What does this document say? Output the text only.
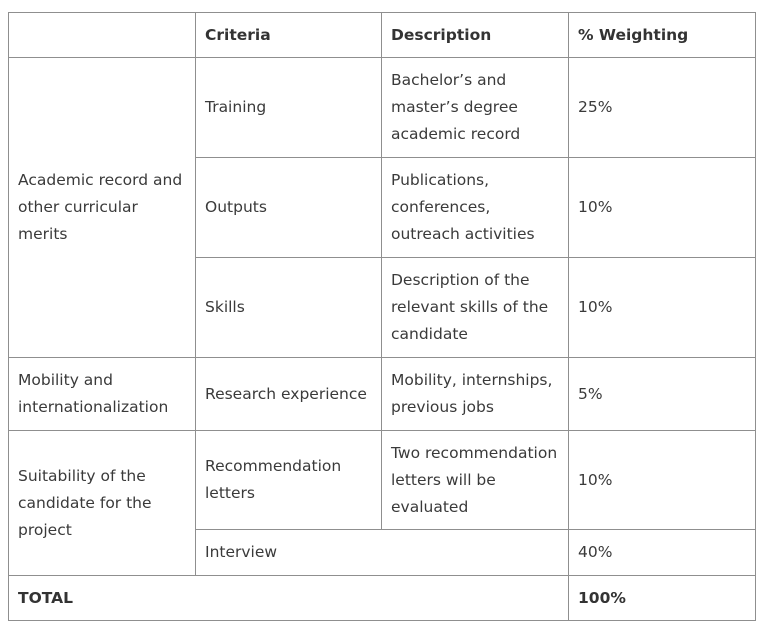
	Criteria	Description	% Weighting
Academic record and other curricular merits	Training	Bachelor’s and master’s degree academic record	25%
	Outputs	Publications, conferences, outreach activities	10%
	Skills	Description of the relevant skills of the candidate	10%
Mobility and internationalization	Research experience	Mobility, internships, previous jobs	5%
Suitability of the candidate for the project	Recommendation letters	Two recommendation letters will be evaluated	10%
	Interview		40%
TOTAL			100%
